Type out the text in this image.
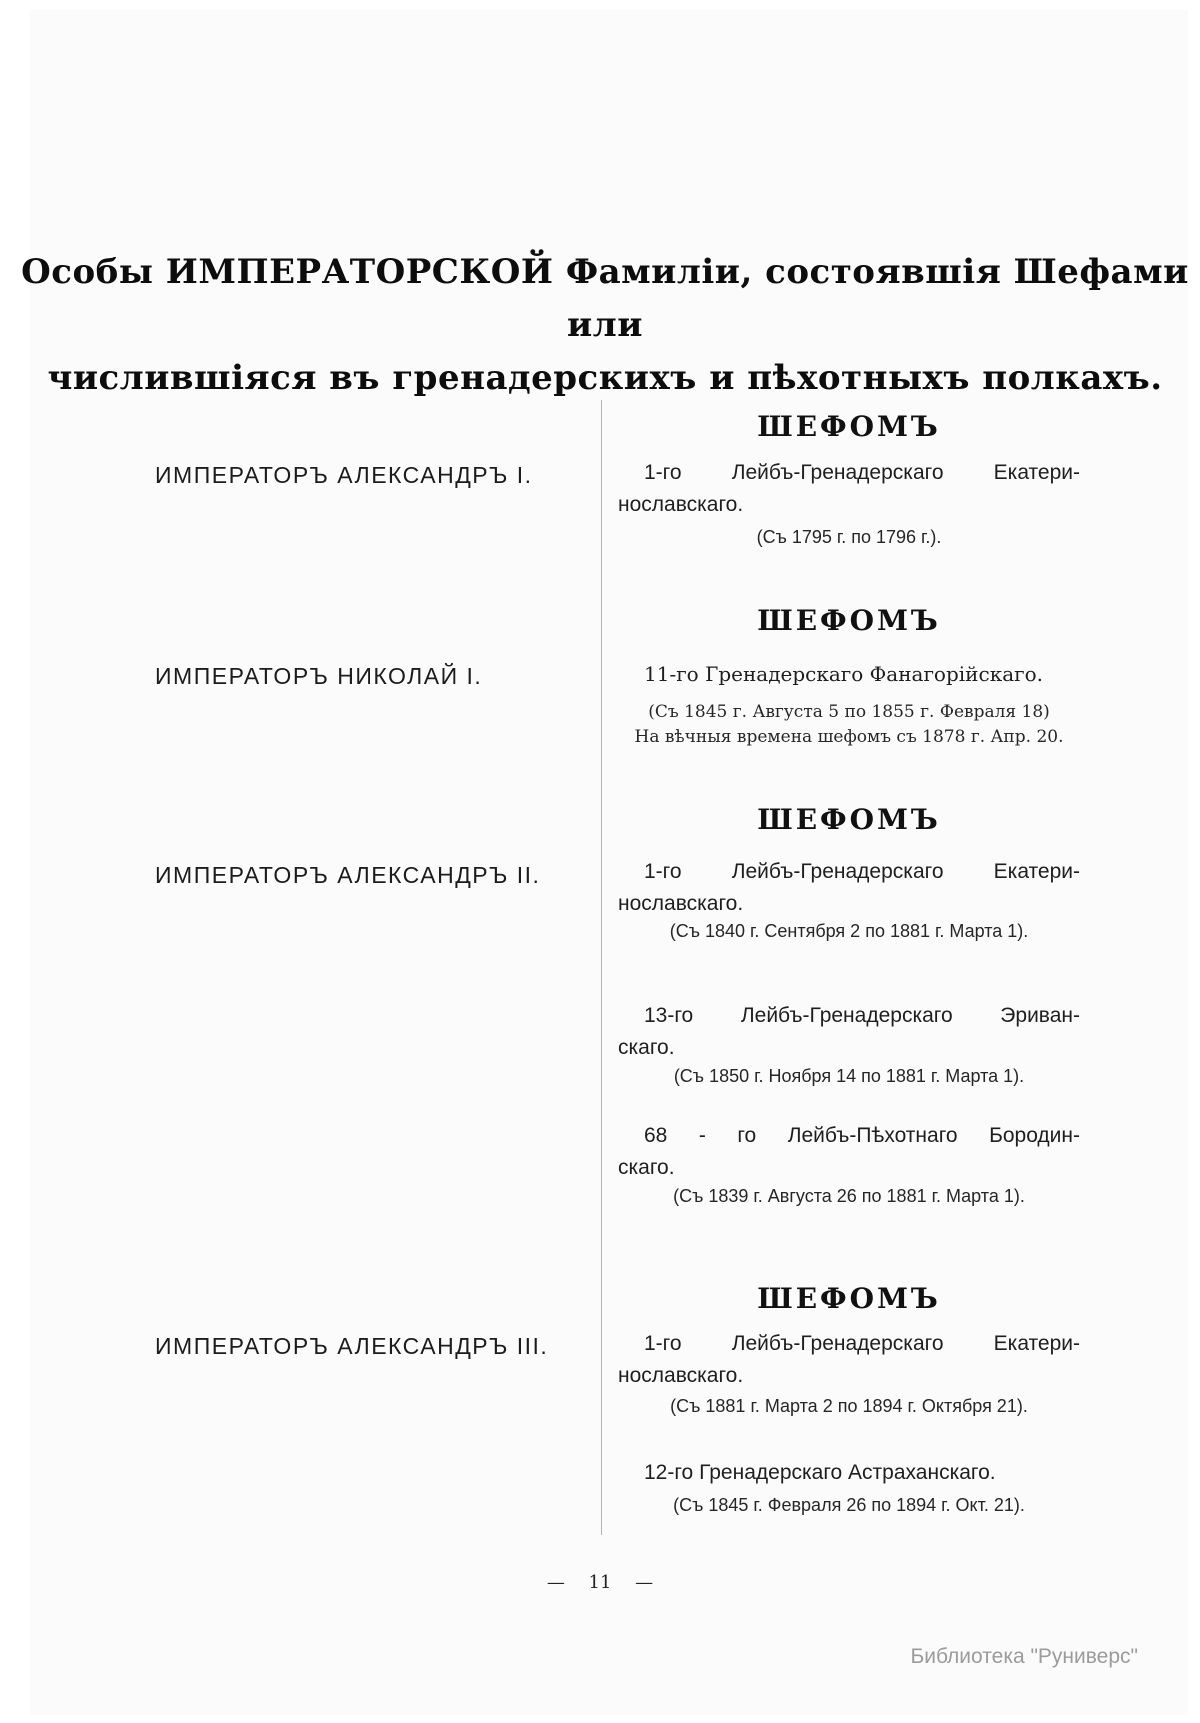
Особы ИМПЕРАТОРСКОЙ Фамиліи, состоявшія Шефами или
числившіяся въ гренадерскихъ и пѣхотныхъ полкахъ.
ШЕФОМЪ
ИМПЕРАТОРЪ АЛЕКСАНДРЪ I.	1-го Лейбъ-Гренадерскаго Екатери-
нославскаго.
(Съ 1795 г. по 1796 г.).
ШЕФОМЪ
ИМПЕРАТОРЪ НИКОЛАЙ I.	11-го Гренадерскаго Фанагорійскаго.
(Съ 1845 г. Августа 5 по 1855 г. Февраля 18)
На вѣчныя времена шефомъ съ 1878 г. Апр. 20.
ШЕФОМЪ
ИМПЕРАТОРЪ АЛЕКСАНДРЪ II.	1-го Лейбъ-Гренадерскаго Екатери-
нославскаго.
(Съ 1840 г. Сентября 2 по 1881 г. Марта 1).
13-го Лейбъ-Гренадерскаго Эриван-
скаго.
(Съ 1850 г. Ноября 14 по 1881 г. Марта 1).
68 - го Лейбъ-Пѣхотнаго Бородин-
скаго.
(Съ 1839 г. Августа 26 по 1881 г. Марта 1).
ШЕФОМЪ
ИМПЕРАТОРЪ АЛЕКСАНДРЪ III.	1-го Лейбъ-Гренадерскаго Екатери-
нославскаго.
(Съ 1881 г. Марта 2 по 1894 г. Октября 21).
12-го Гренадерскаго Астраханскаго.
(Съ 1845 г. Февраля 26 по 1894 г. Окт. 21).
— 11 —
Библиотека "Руниверс"
